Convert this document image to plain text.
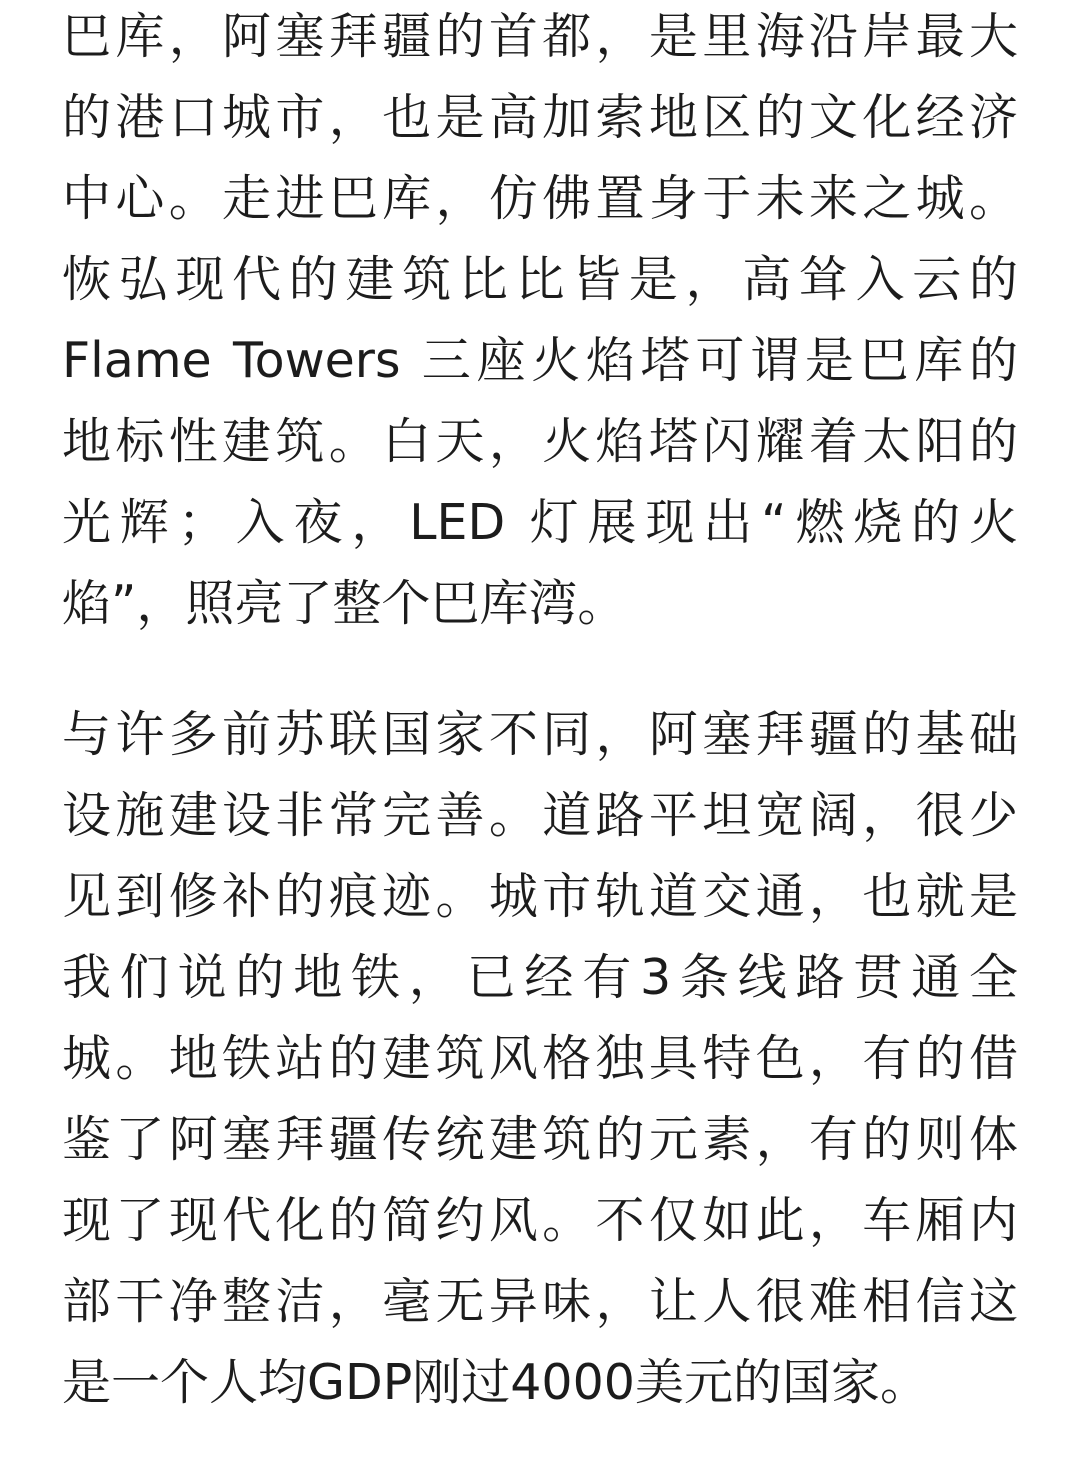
巴库，阿塞拜疆的首都，是里海沿岸最大
的港口城市，也是高加索地区的文化经济
中心。走进巴库，仿佛置身于未来之城。
恢弘现代的建筑比比皆是，高耸入云的
Flame Towers 三座火焰塔可谓是巴库的
地标性建筑。白天，火焰塔闪耀着太阳的
光辉；入夜，LED 灯展现出“燃烧的火
焰”，照亮了整个巴库湾。
与许多前苏联国家不同，阿塞拜疆的基础
设施建设非常完善。道路平坦宽阔，很少
见到修补的痕迹。城市轨道交通，也就是
我们说的地铁，已经有3条线路贯通全
城。地铁站的建筑风格独具特色，有的借
鉴了阿塞拜疆传统建筑的元素，有的则体
现了现代化的简约风。不仅如此，车厢内
部干净整洁，毫无异味，让人很难相信这
是一个人均GDP刚过4000美元的国家。
